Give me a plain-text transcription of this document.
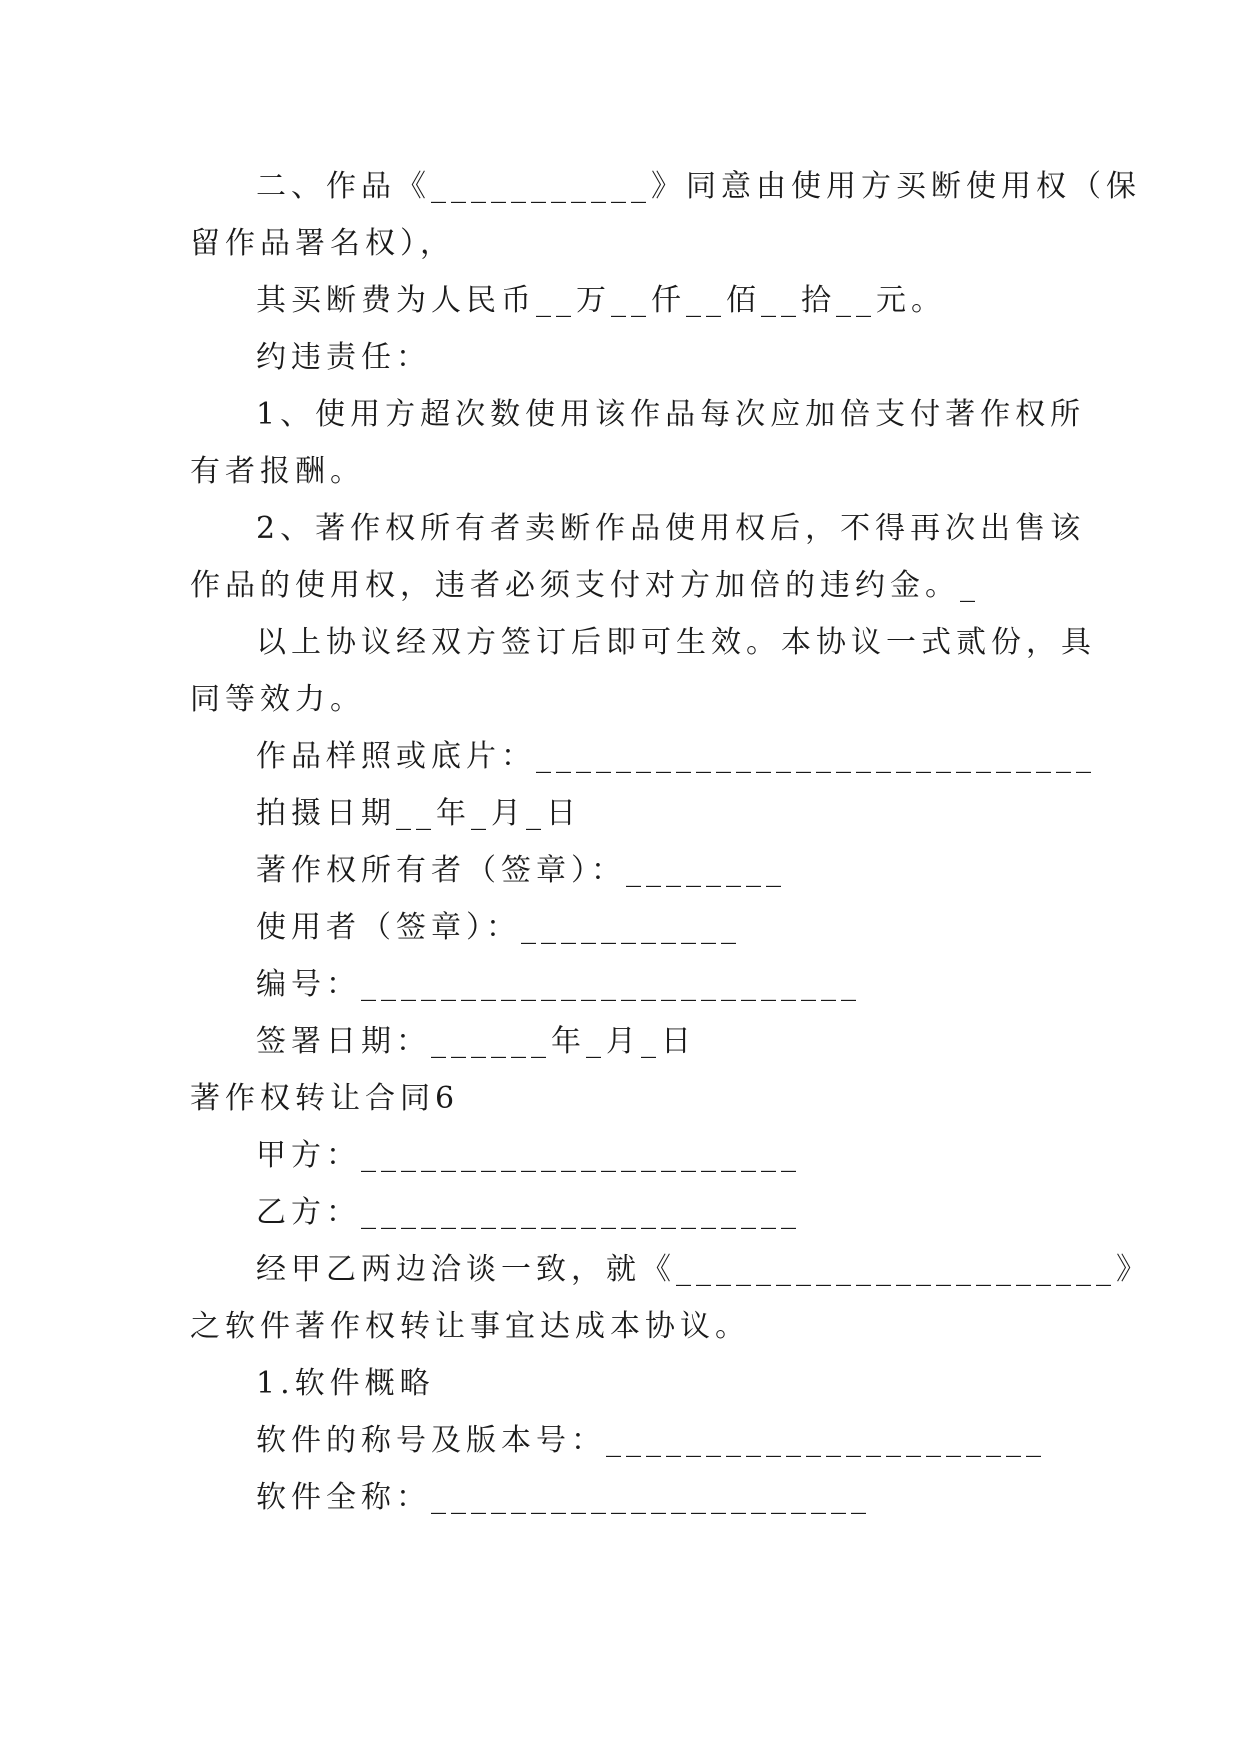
二、作品《___________》同意由使用方买断使用权（保
留作品署名权），
其买断费为人民币__万__仟__佰__拾__元。
约违责任：
1、使用方超次数使用该作品每次应加倍支付著作权所
有者报酬。
2、著作权所有者卖断作品使用权后，不得再次出售该
作品的使用权，违者必须支付对方加倍的违约金。_
以上协议经双方签订后即可生效。本协议一式贰份，具
同等效力。
作品样照或底片：____________________________
拍摄日期__年_月_日
著作权所有者（签章）：________
使用者（签章）：___________
编号：_________________________
签署日期：______年_月_日
著作权转让合同6
甲方：______________________
乙方：______________________
经甲乙两边洽谈一致，就《______________________》
之软件著作权转让事宜达成本协议。
1.软件概略
软件的称号及版本号：______________________
软件全称：______________________
